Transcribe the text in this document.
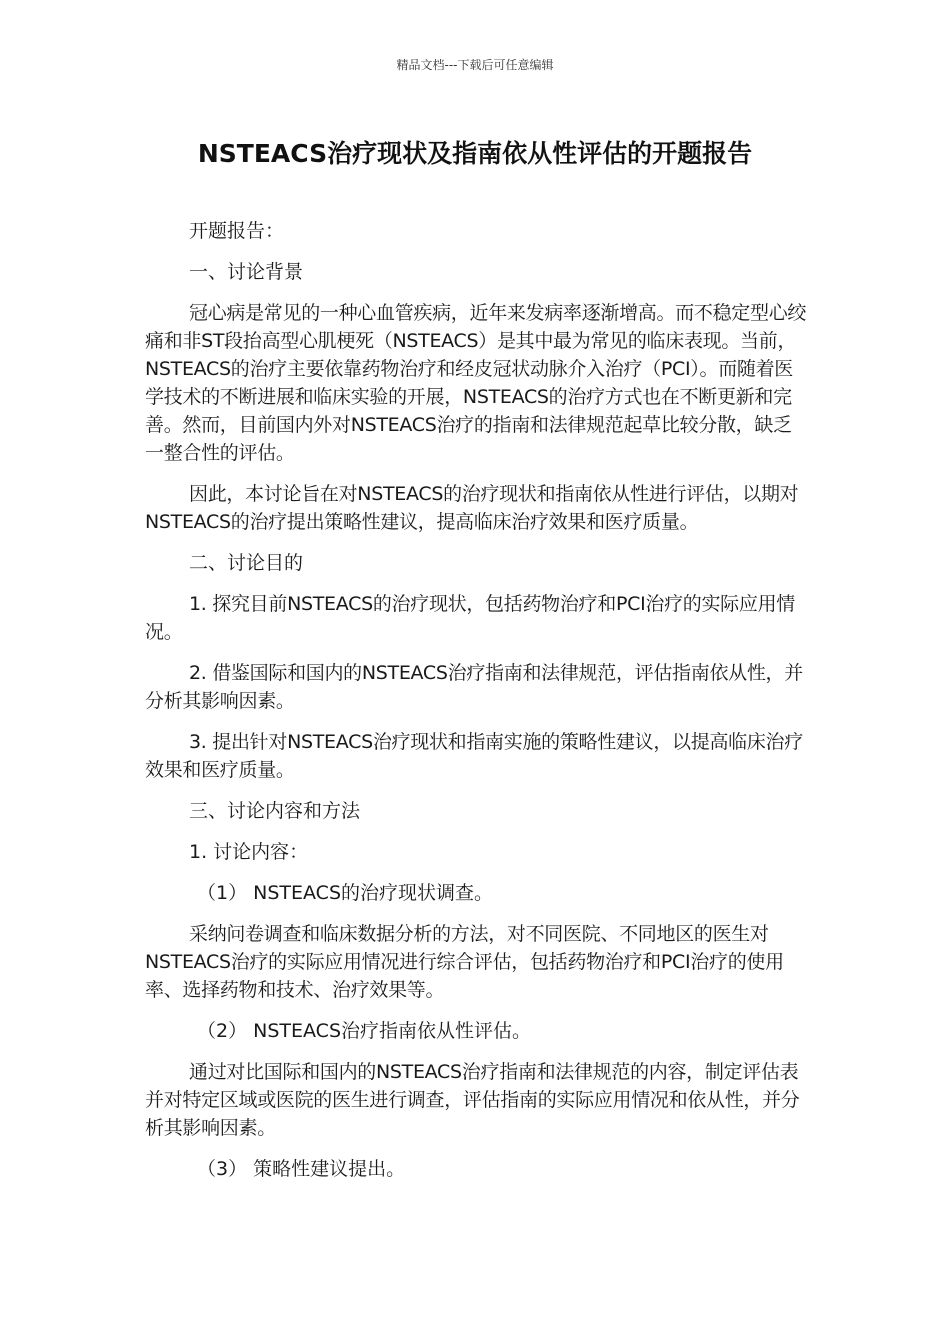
精品文档---下载后可任意编辑
NSTEACS治疗现状及指南依从性评估的开题报告

开题报告：

一、讨论背景

冠心病是常见的一种心血管疾病，近年来发病率逐渐增高。而不稳定型心绞痛和非ST段抬高型心肌梗死（NSTEACS）是其中最为常见的临床表现。当前，NSTEACS的治疗主要依靠药物治疗和经皮冠状动脉介入治疗（PCI）。而随着医学技术的不断进展和临床实验的开展，NSTEACS的治疗方式也在不断更新和完善。然而，目前国内外对NSTEACS治疗的指南和法律规范起草比较分散，缺乏一整合性的评估。

因此，本讨论旨在对NSTEACS的治疗现状和指南依从性进行评估，以期对NSTEACS的治疗提出策略性建议，提高临床治疗效果和医疗质量。

二、讨论目的

1. 探究目前NSTEACS的治疗现状，包括药物治疗和PCI治疗的实际应用情况。

2. 借鉴国际和国内的NSTEACS治疗指南和法律规范，评估指南依从性，并分析其影响因素。

3. 提出针对NSTEACS治疗现状和指南实施的策略性建议，以提高临床治疗效果和医疗质量。

三、讨论内容和方法

1. 讨论内容：

（1） NSTEACS的治疗现状调查。

采纳问卷调查和临床数据分析的方法，对不同医院、不同地区的医生对NSTEACS治疗的实际应用情况进行综合评估，包括药物治疗和PCI治疗的使用率、选择药物和技术、治疗效果等。

（2） NSTEACS治疗指南依从性评估。

通过对比国际和国内的NSTEACS治疗指南和法律规范的内容，制定评估表并对特定区域或医院的医生进行调查，评估指南的实际应用情况和依从性，并分析其影响因素。

（3） 策略性建议提出。
